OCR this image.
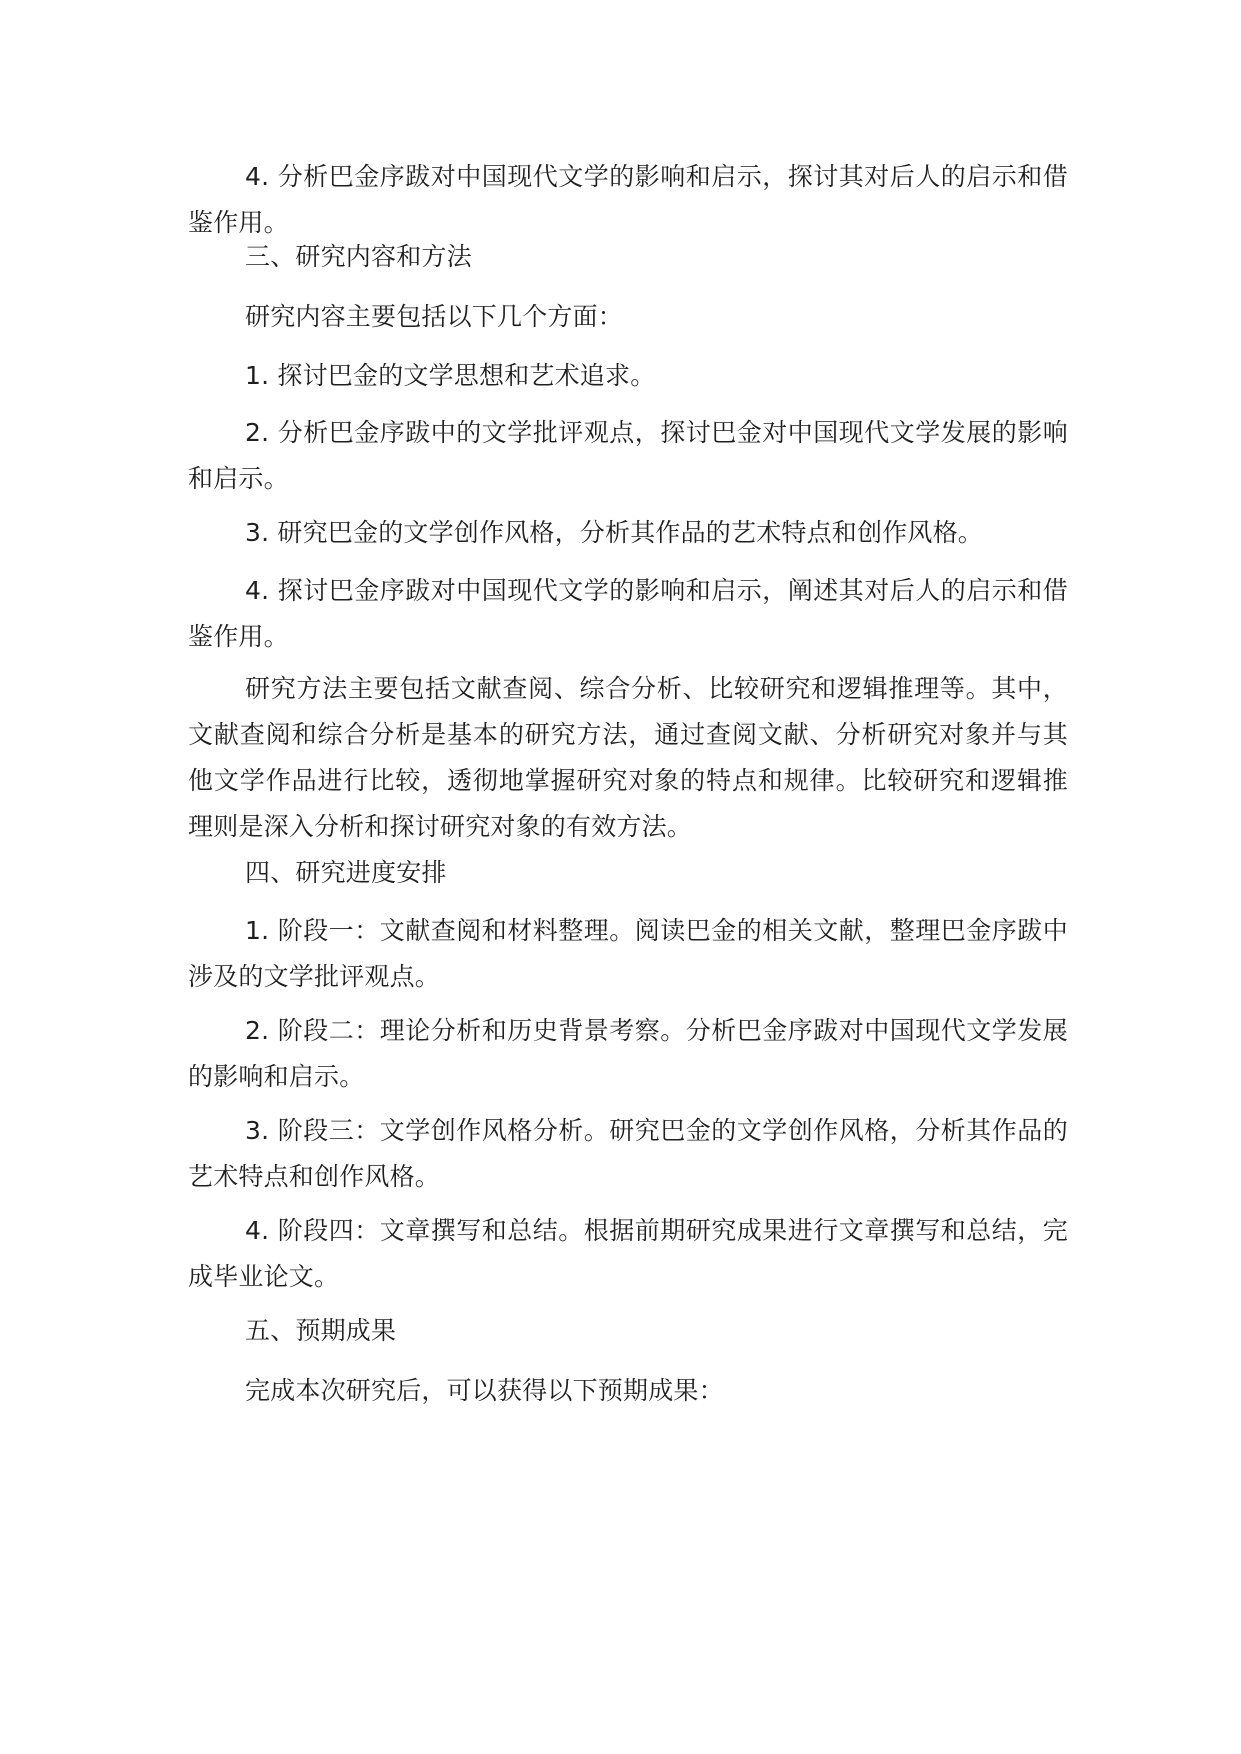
4. 分析巴金序跋对中国现代文学的影响和启示，探讨其对后人的启示和借鉴作用。

三、研究内容和方法

研究内容主要包括以下几个方面：

1. 探讨巴金的文学思想和艺术追求。

2. 分析巴金序跋中的文学批评观点，探讨巴金对中国现代文学发展的影响和启示。

3. 研究巴金的文学创作风格，分析其作品的艺术特点和创作风格。

4. 探讨巴金序跋对中国现代文学的影响和启示，阐述其对后人的启示和借鉴作用。

研究方法主要包括文献查阅、综合分析、比较研究和逻辑推理等。其中，文献查阅和综合分析是基本的研究方法，通过查阅文献、分析研究对象并与其他文学作品进行比较，透彻地掌握研究对象的特点和规律。比较研究和逻辑推理则是深入分析和探讨研究对象的有效方法。

四、研究进度安排

1. 阶段一：文献查阅和材料整理。阅读巴金的相关文献，整理巴金序跋中涉及的文学批评观点。

2. 阶段二：理论分析和历史背景考察。分析巴金序跋对中国现代文学发展的影响和启示。

3. 阶段三：文学创作风格分析。研究巴金的文学创作风格，分析其作品的艺术特点和创作风格。

4. 阶段四：文章撰写和总结。根据前期研究成果进行文章撰写和总结，完成毕业论文。

五、预期成果

完成本次研究后，可以获得以下预期成果：
